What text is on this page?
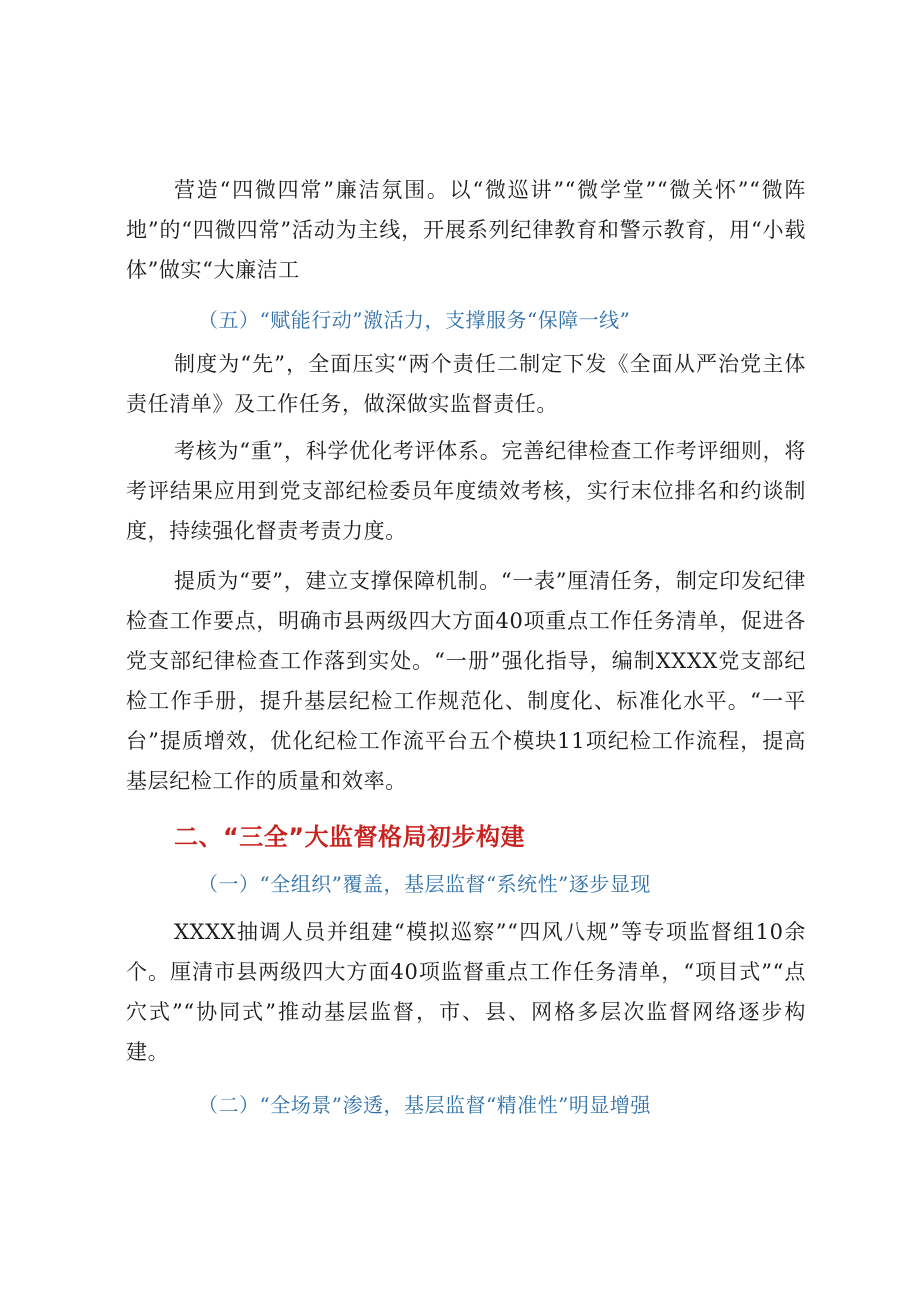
营造“四微四常”廉洁氛围。以“微巡讲”“微学堂”“微关怀”“微阵地”的“四微四常”活动为主线，开展系列纪律教育和警示教育，用“小载体”做实“大廉洁工

（五）“赋能行动”激活力，支撑服务“保障一线”

制度为“先”，全面压实“两个责任二制定下发《全面从严治党主体责任清单》及工作任务，做深做实监督责任。

考核为“重”，科学优化考评体系。完善纪律检查工作考评细则，将考评结果应用到党支部纪检委员年度绩效考核，实行末位排名和约谈制度，持续强化督责考责力度。

提质为“要”，建立支撑保障机制。“一表”厘清任务，制定印发纪律检查工作要点，明确市县两级四大方面40项重点工作任务清单，促进各党支部纪律检查工作落到实处。“一册”强化指导，编制XXXX党支部纪检工作手册，提升基层纪检工作规范化、制度化、标准化水平。“一平台”提质增效，优化纪检工作流平台五个模块11项纪检工作流程，提高基层纪检工作的质量和效率。

二、“三全”大监督格局初步构建

（一）“全组织”覆盖，基层监督“系统性”逐步显现

XXXX抽调人员并组建“模拟巡察”“四风八规”等专项监督组10余个。厘清市县两级四大方面40项监督重点工作任务清单，“项目式”“点穴式”“协同式”推动基层监督，市、县、网格多层次监督网络逐步构建。

（二）“全场景”渗透，基层监督“精准性”明显增强
